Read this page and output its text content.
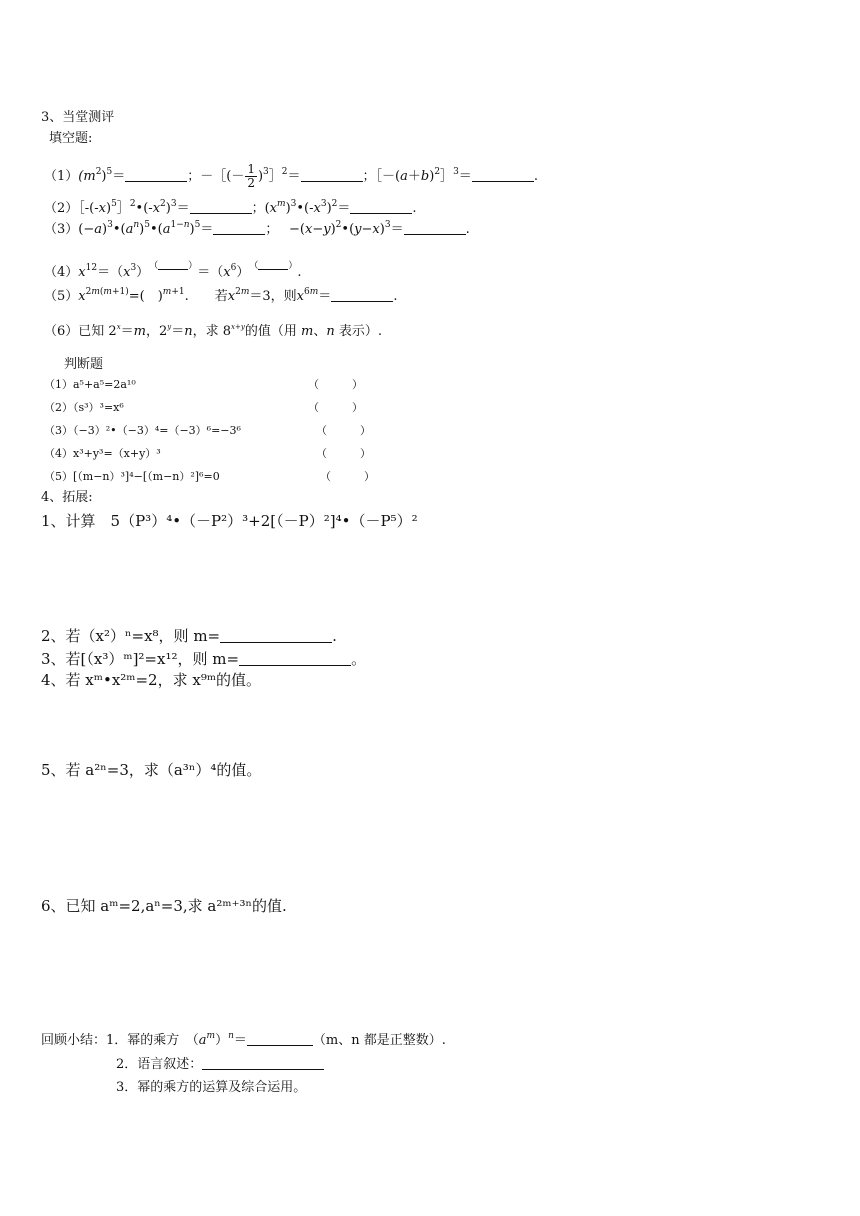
3、当堂测评
填空题:
$(1)(m^2)^5=$	；－［(－ $\frac{1}{2}$ )$^3$］$^2$＝	；$[-(a+b)^2]^3=$	.
$(2)[-(-x)^5]^2•(-x^2)^3=$	；$(x^m)^3•(-x^3)^2=$	.
$(3)(-a)^3•(a^n)^5•(a^{1-n})^5=$	；　 $-(x-y)^2•(y-x)^3=$	.
$(4)x^{12}=(x^3)$（	）$=(x^6)$（	）.
$(5)x^{2m(m+1)}=$(　)$^{m+1}$.　　若$x^{2m}=3$，则$x^{6m}=$	.
（6）已知 $2^x=m$，$2^y=n$，求 $8^{x+y}$的值（用 m、n 表示）.
判断题
（1）a⁵+a⁵=2a¹⁰	（　　　）
（2）（s³）³=x⁶	（　　　）
（3）（−3）²•（−3）⁴=（−3）⁶=−3⁶	（　　　）
（4）x³+y³=（x+y）³	（　　　）
（5）[（m−n）³]⁴−[（m−n）²]⁶=0	（　　　）
4、拓展:
1、计算　5（P³）⁴•（－P²）³+2[（－P）²]⁴•（－P⁵）²
2、若（x²）ⁿ=x⁸，则 m=	.
3、若[（x³）ᵐ]²=x¹²，则 m=	。
4、若 xᵐ•x²ᵐ=2，求 x⁹ᵐ的值。
5、若 a²ⁿ=3，求（a³ⁿ）⁴的值。
6、已知 aᵐ=2,aⁿ=3,求 a²ᵐ⁺³ⁿ的值.
回顾小结：1．幂的乘方　$(a^m)^n=$	（m、n 都是正整数）.
2．语言叙述：
3．幂的乘方的运算及综合运用。
